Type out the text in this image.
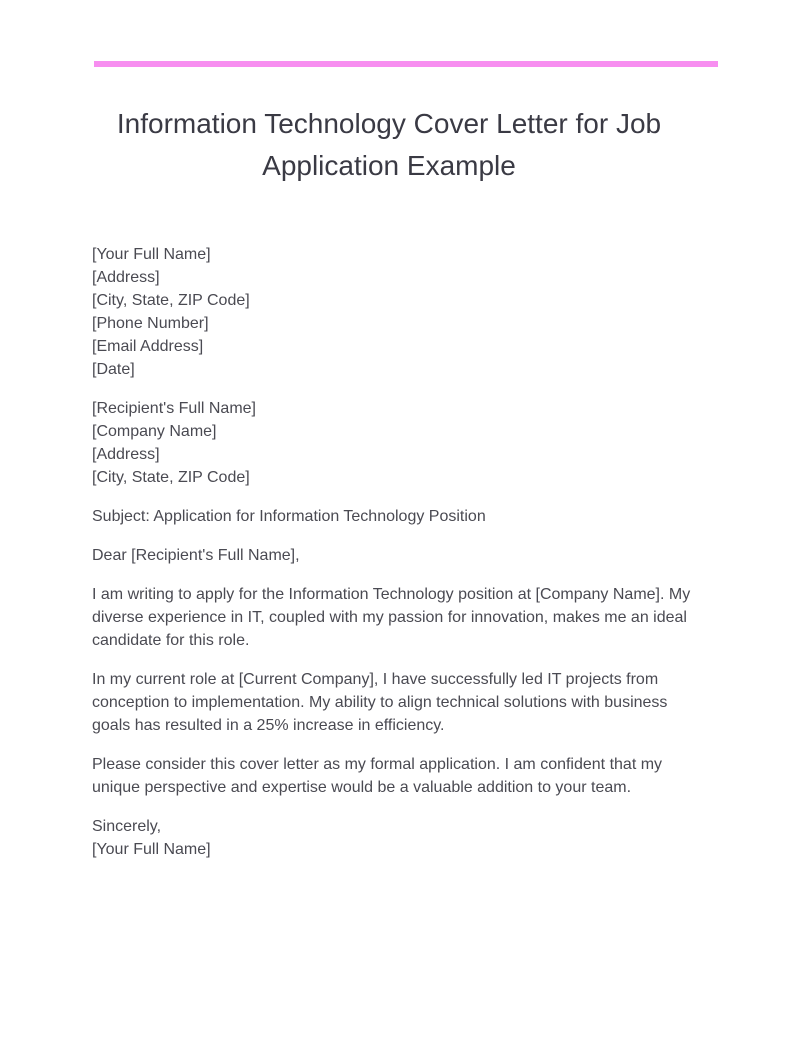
Information Technology Cover Letter for Job Application Example
[Your Full Name]
[Address]
[City, State, ZIP Code]
[Phone Number]
[Email Address]
[Date]
[Recipient's Full Name]
[Company Name]
[Address]
[City, State, ZIP Code]

Subject: Application for Information Technology Position

Dear [Recipient's Full Name],

I am writing to apply for the Information Technology position at [Company Name]. My diverse experience in IT, coupled with my passion for innovation, makes me an ideal candidate for this role.

In my current role at [Current Company], I have successfully led IT projects from conception to implementation. My ability to align technical solutions with business goals has resulted in a 25% increase in efficiency.

Please consider this cover letter as my formal application. I am confident that my unique perspective and expertise would be a valuable addition to your team.

Sincerely,
[Your Full Name]
